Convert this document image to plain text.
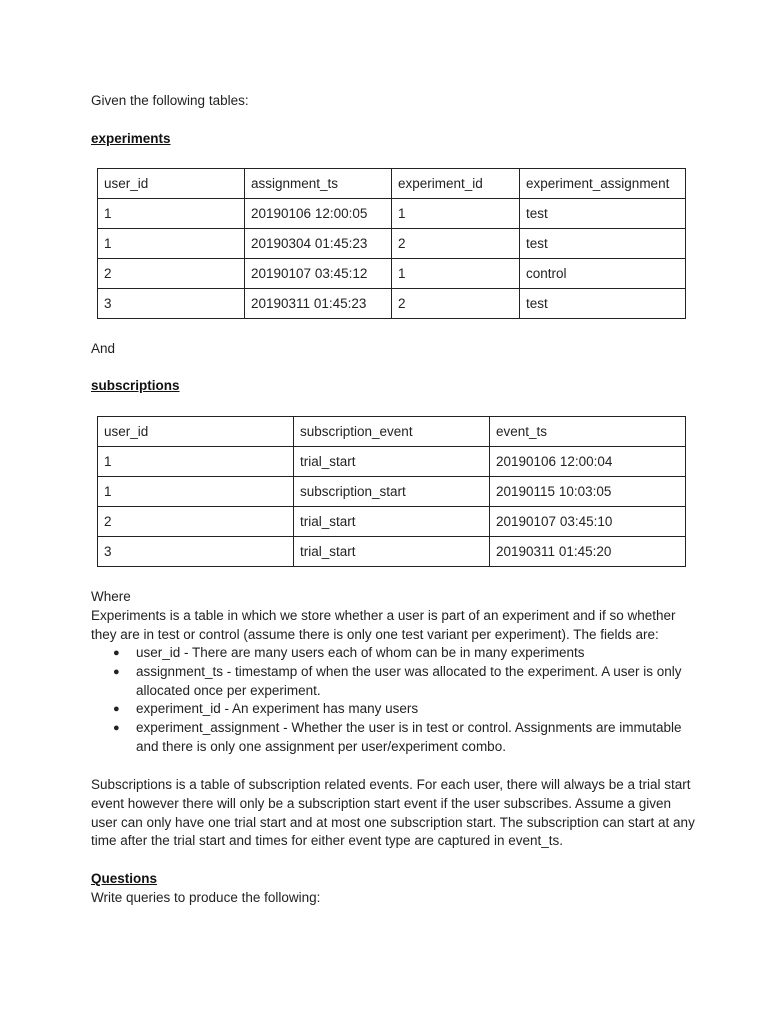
Given the following tables:
experiments
user_id	assignment_ts	experiment_id	experiment_assignment
1	20190106 12:00:05	1	test
1	20190304 01:45:23	2	test
2	20190107 03:45:12	1	control
3	20190311 01:45:23	2	test
And
subscriptions
user_id	subscription_event	event_ts
1	trial_start	20190106 12:00:04
1	subscription_start	20190115 10:03:05
2	trial_start	20190107 03:45:10
3	trial_start	20190311 01:45:20
Where
Experiments is a table in which we store whether a user is part of an experiment and if so whether
they are in test or control (assume there is only one test variant per experiment). The fields are:
● user_id - There are many users each of whom can be in many experiments
● assignment_ts - timestamp of when the user was allocated to the experiment. A user is only
allocated once per experiment.
● experiment_id - An experiment has many users
● experiment_assignment - Whether the user is in test or control. Assignments are immutable
and there is only one assignment per user/experiment combo.
Subscriptions is a table of subscription related events. For each user, there will always be a trial start
event however there will only be a subscription start event if the user subscribes. Assume a given
user can only have one trial start and at most one subscription start. The subscription can start at any
time after the trial start and times for either event type are captured in event_ts.
Questions
Write queries to produce the following:
